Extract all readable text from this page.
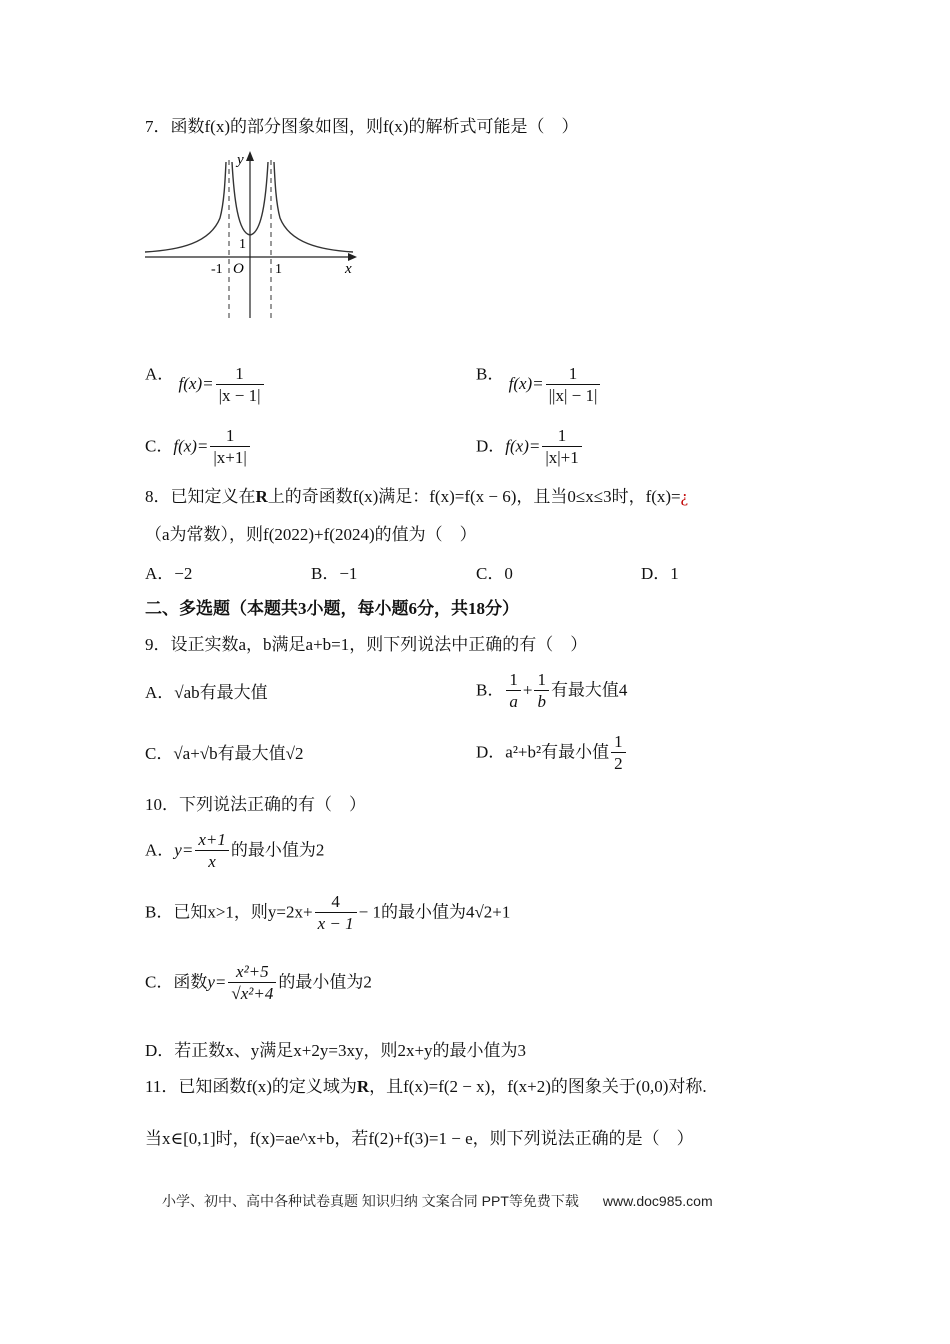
7．函数f(x)的部分图象如图，则f(x)的解析式可能是（　）
y
x
O
-1	1
1
A． $f(x)= \frac{1}{|x - 1|}$	B． $f(x)= \frac{1}{||x| - 1|}$
C．$f(x)= \frac{1}{|x+1|}$	D．$f(x)= \frac{1}{|x|+1}$
8．已知定义在R上的奇函数f(x)满足：f(x)=f(x − 6)，且当0≤x≤3时，f(x)=¿
（a为常数），则f(2022)+f(2024)的值为（　）
A．−2	B．−1	C．0	D．1
二、多选题（本题共3小题，每小题6分，共18分）
9．设正实数a，b满足a+b=1，则下列说法中正确的有（　）
A．√ab有最大值	B． $\frac{1}{a} + \frac{1}{b}$ 有最大值4
C．√a+√b有最大值√2	D．a²+b²有最小值 $\frac{1}{2}$
10．下列说法正确的有（　）
A．$y= \frac{x+1}{x}$ 的最小值为2
B．已知x>1，则$y=2x+ \frac{4}{x - 1} - 1$的最小值为4√2+1
C．函数$y= \frac{\text{x²+5}}{\text{√x²+4}}$ 的最小值为2
D．若正数x、y满足x+2y=3xy，则2x+y的最小值为3
11．已知函数f(x)的定义域为R，且f(x)=f(2 − x)，f(x+2)的图象关于(0,0)对称.
当x∈[0,1]时，f(x)=ae^x+b，若f(2)+f(3)=1 − e，则下列说法正确的是（　）
小学、初中、高中各种试卷真题 知识归纳 文案合同 PPT等免费下载 www.doc985.com
